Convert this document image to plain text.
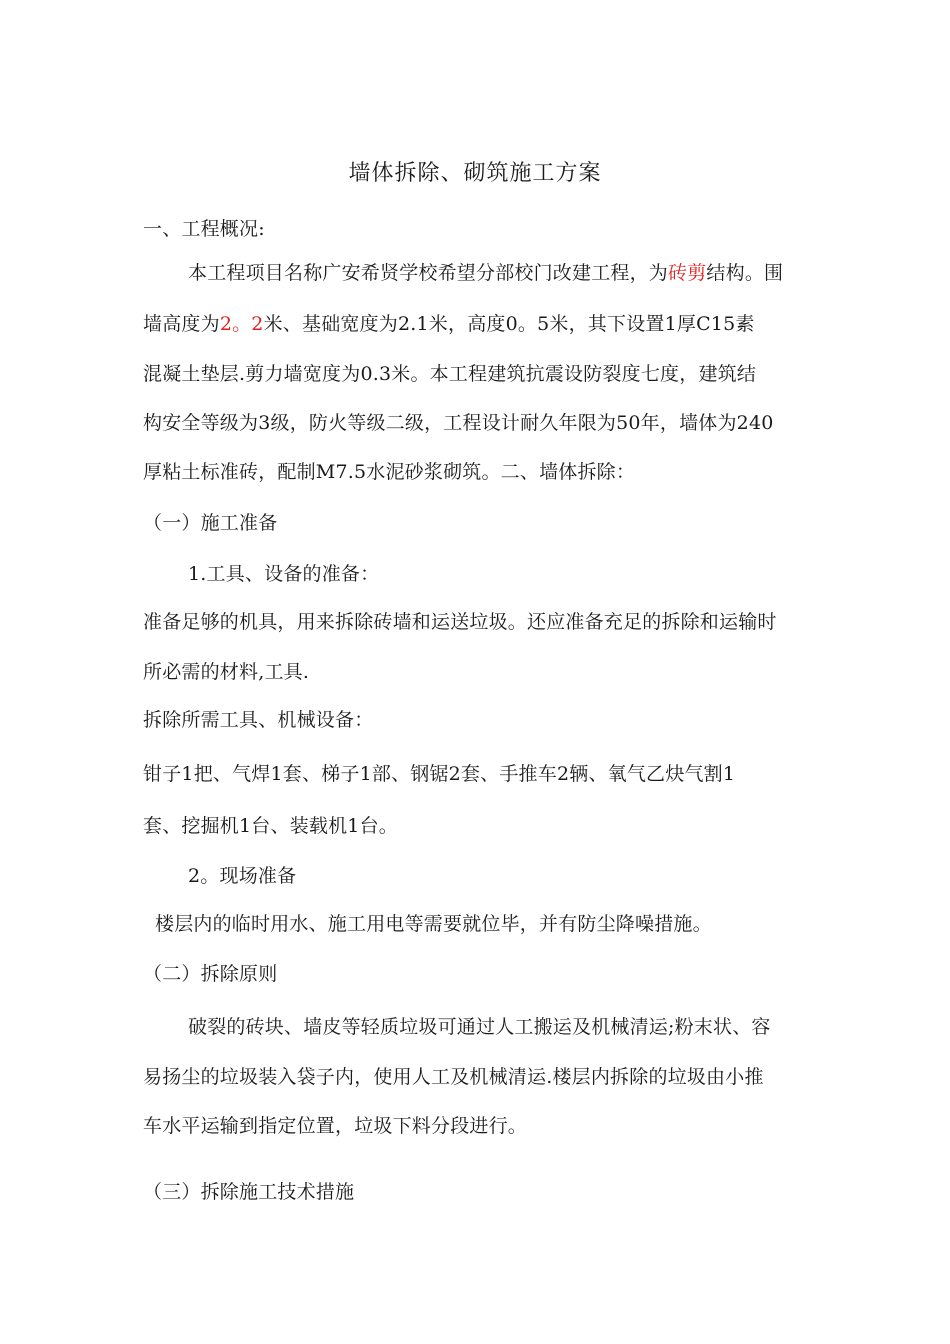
墙体拆除、砌筑施工方案
一、工程概况:
本工程项目名称广安希贤学校希望分部校门改建工程，为砖剪结构。围
墙高度为2。2米、基础宽度为2.1米，高度0。5米，其下设置1厚C15素
混凝土垫层.剪力墙宽度为0.3米。本工程建筑抗震设防裂度七度，建筑结
构安全等级为3级，防火等级二级，工程设计耐久年限为50年，墙体为240
厚粘土标准砖，配制M7.5水泥砂浆砌筑。二、墙体拆除：
（一）施工准备
1.工具、设备的准备：
准备足够的机具，用来拆除砖墙和运送垃圾。还应准备充足的拆除和运输时
所必需的材料,工具.
拆除所需工具、机械设备：
钳子1把、气焊1套、梯子1部、钢锯2套、手推车2辆、氧气乙炔气割1
套、挖掘机1台、装载机1台。
2。现场准备
楼层内的临时用水、施工用电等需要就位毕，并有防尘降噪措施。
（二）拆除原则
破裂的砖块、墙皮等轻质垃圾可通过人工搬运及机械清运;粉末状、容
易扬尘的垃圾装入袋子内，使用人工及机械清运.楼层内拆除的垃圾由小推
车水平运输到指定位置，垃圾下料分段进行。
（三）拆除施工技术措施
